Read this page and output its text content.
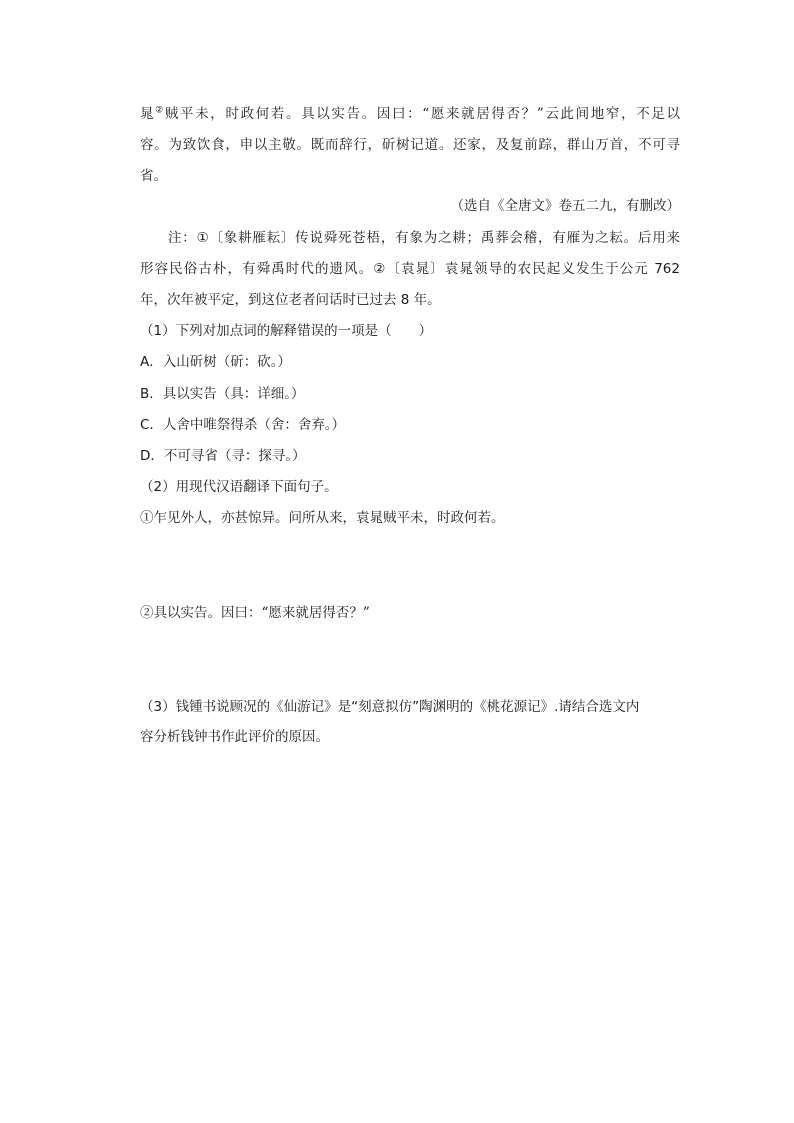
晁②贼平未，时政何若。具以实告。因曰：“愿来就居得否？”云此间地窄，不足以
容。为致饮食，申以主敬。既而辞行，斫树记道。还家，及复前踪，群山万首，不可寻
省。
（选自《全唐文》卷五二九，有删改）
注：①〔象耕雁耘〕传说舜死苍梧，有象为之耕；禹葬会稽，有雁为之耘。后用来
形容民俗古朴，有舜禹时代的遗风。②〔袁晁〕袁晁领导的农民起义发生于公元 762
年，次年被平定，到这位老者问话时已过去 8 年。
（1）下列对加点词的解释错误的一项是（　　）
A．入山斫树（斫：砍。）
B．具以实告（具：详细。）
C．人舍中唯祭得杀（舍：舍弃。）
D．不可寻省（寻：探寻。）
（2）用现代汉语翻译下面句子。
①乍见外人，亦甚惊异。问所从来，袁晁贼平未，时政何若。
②具以实告。因曰：“愿来就居得否？”
（3）钱锺书说顾况的《仙游记》是“刻意拟仿”陶渊明的《桃花源记》.请结合选文内
容分析钱钟书作此评价的原因。
